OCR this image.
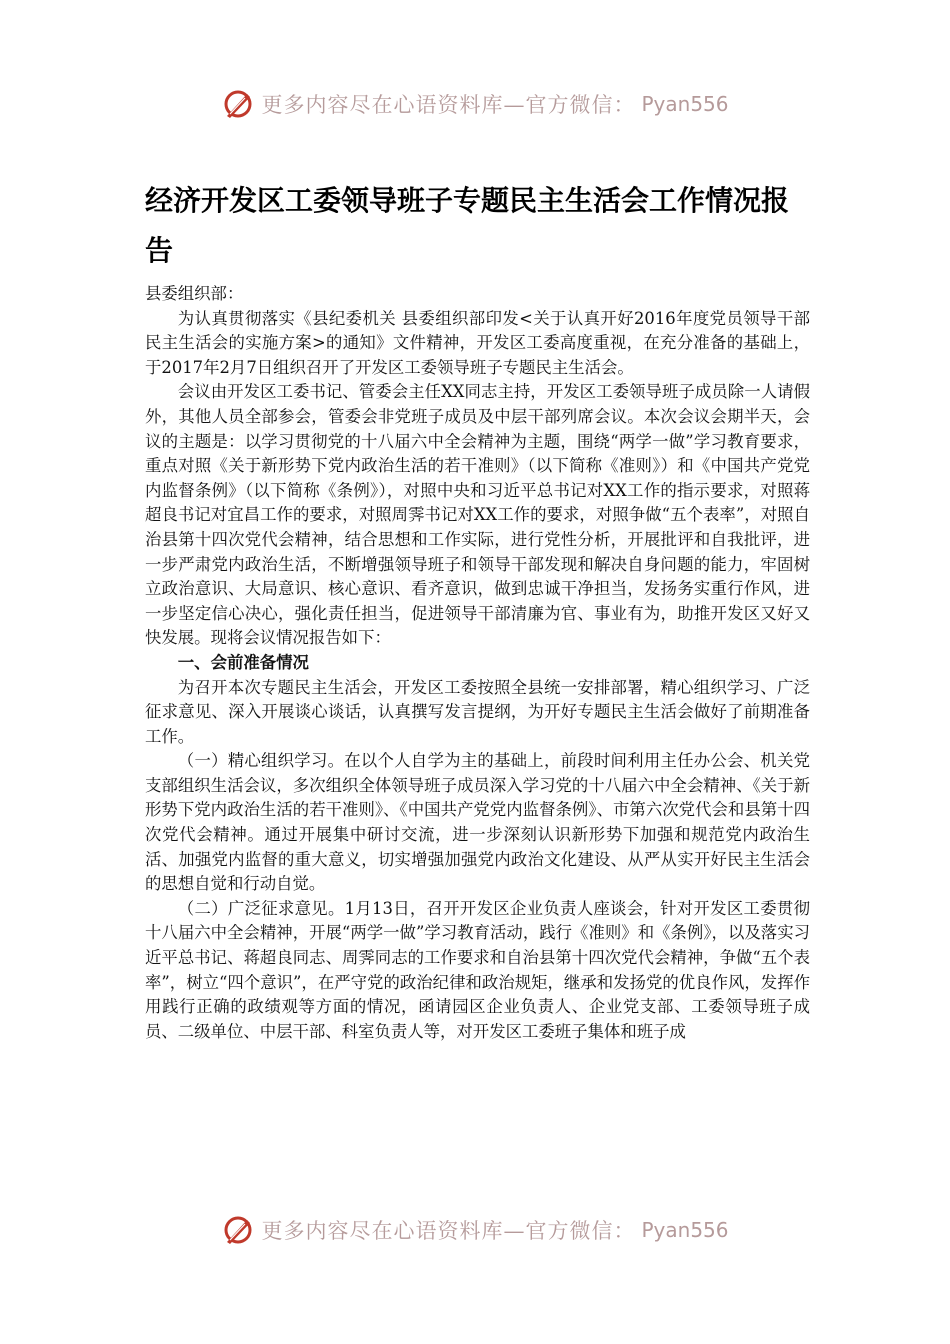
更多内容尽在心语资料库—官方微信： Pyan556
经济开发区工委领导班子专题民主生活会工作情况报告

县委组织部：

为认真贯彻落实《县纪委机关 县委组织部印发<关于认真开好2016年度党员领导干部民主生活会的实施方案>的通知》文件精神，开发区工委高度重视，在充分准备的基础上，于2017年2月7日组织召开了开发区工委领导班子专题民主生活会。

会议由开发区工委书记、管委会主任XX同志主持，开发区工委领导班子成员除一人请假外，其他人员全部参会，管委会非党班子成员及中层干部列席会议。本次会议会期半天，会议的主题是：以学习贯彻党的十八届六中全会精神为主题，围绕“两学一做”学习教育要求，重点对照《关于新形势下党内政治生活的若干准则》（以下简称《准则》）和《中国共产党党内监督条例》（以下简称《条例》），对照中央和习近平总书记对XX工作的指示要求，对照蒋超良书记对宜昌工作的要求，对照周霁书记对XX工作的要求，对照争做“五个表率”，对照自治县第十四次党代会精神，结合思想和工作实际，进行党性分析，开展批评和自我批评，进一步严肃党内政治生活，不断增强领导班子和领导干部发现和解决自身问题的能力，牢固树立政治意识、大局意识、核心意识、看齐意识，做到忠诚干净担当，发扬务实重行作风，进一步坚定信心决心，强化责任担当，促进领导干部清廉为官、事业有为，助推开发区又好又快发展。现将会议情况报告如下：

一、会前准备情况

为召开本次专题民主生活会，开发区工委按照全县统一安排部署，精心组织学习、广泛征求意见、深入开展谈心谈话，认真撰写发言提纲，为开好专题民主生活会做好了前期准备工作。

（一）精心组织学习。在以个人自学为主的基础上，前段时间利用主任办公会、机关党支部组织生活会议，多次组织全体领导班子成员深入学习党的十八届六中全会精神、《关于新形势下党内政治生活的若干准则》、《中国共产党党内监督条例》、市第六次党代会和县第十四次党代会精神。通过开展集中研讨交流，进一步深刻认识新形势下加强和规范党内政治生活、加强党内监督的重大意义，切实增强加强党内政治文化建设、从严从实开好民主生活会的思想自觉和行动自觉。

（二）广泛征求意见。1月13日，召开开发区企业负责人座谈会，针对开发区工委贯彻十八届六中全会精神，开展“两学一做”学习教育活动，践行《准则》和《条例》，以及落实习近平总书记、蒋超良同志、周霁同志的工作要求和自治县第十四次党代会精神，争做“五个表率”，树立“四个意识”，在严守党的政治纪律和政治规矩，继承和发扬党的优良作风，发挥作用践行正确的政绩观等方面的情况，函请园区企业负责人、企业党支部、工委领导班子成员、二级单位、中层干部、科室负责人等，对开发区工委班子集体和班子成

更多内容尽在心语资料库—官方微信： Pyan556
